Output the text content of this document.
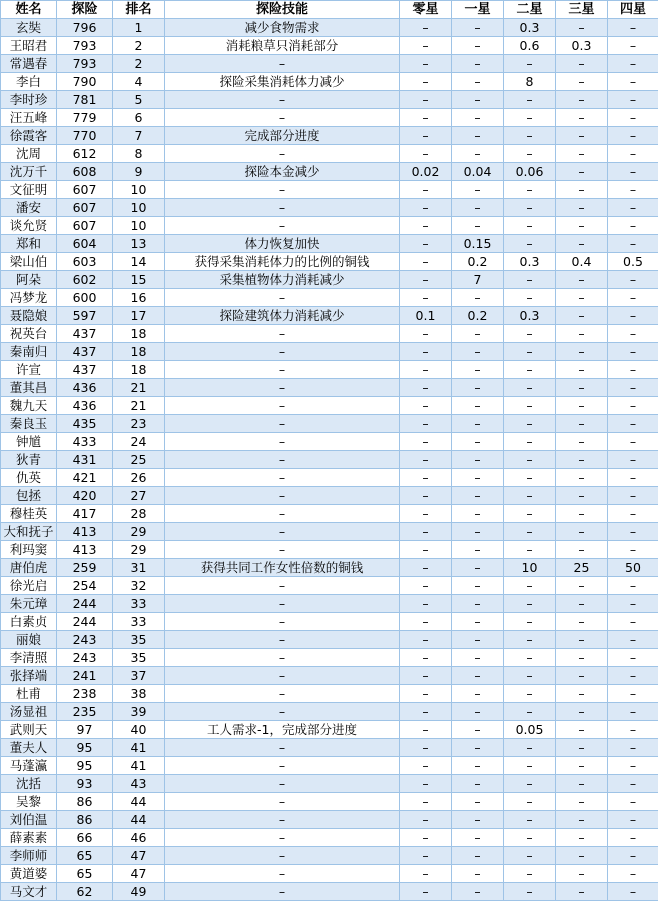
姓名	探险	排名	探险技能	零星	一星	二星	三星	四星
玄奘	796	1	减少食物需求	–	–	0.3	–	–
王昭君	793	2	消耗粮草只消耗部分	–	–	0.6	0.3	–
常遇春	793	2	–	–	–	–	–	–
李白	790	4	探险采集消耗体力减少	–	–	8	–	–
李时珍	781	5	–	–	–	–	–	–
汪五峰	779	6	–	–	–	–	–	–
徐霞客	770	7	完成部分进度	–	–	–	–	–
沈周	612	8	–	–	–	–	–	–
沈万千	608	9	探险本金减少	0.02	0.04	0.06	–	–
文征明	607	10	–	–	–	–	–	–
潘安	607	10	–	–	–	–	–	–
谈允贤	607	10	–	–	–	–	–	–
郑和	604	13	体力恢复加快	–	0.15	–	–	–
梁山伯	603	14	获得采集消耗体力的比例的铜钱	–	0.2	0.3	0.4	0.5
阿朵	602	15	采集植物体力消耗减少	–	7	–	–	–
冯梦龙	600	16	–	–	–	–	–	–
聂隐娘	597	17	探险建筑体力消耗减少	0.1	0.2	0.3	–	–
祝英台	437	18	–	–	–	–	–	–
秦南归	437	18	–	–	–	–	–	–
许宣	437	18	–	–	–	–	–	–
董其昌	436	21	–	–	–	–	–	–
魏九天	436	21	–	–	–	–	–	–
秦良玉	435	23	–	–	–	–	–	–
钟馗	433	24	–	–	–	–	–	–
狄青	431	25	–	–	–	–	–	–
仇英	421	26	–	–	–	–	–	–
包拯	420	27	–	–	–	–	–	–
穆桂英	417	28	–	–	–	–	–	–
大和抚子	413	29	–	–	–	–	–	–
利玛窦	413	29	–	–	–	–	–	–
唐伯虎	259	31	获得共同工作女性倍数的铜钱	–	–	10	25	50
徐光启	254	32	–	–	–	–	–	–
朱元璋	244	33	–	–	–	–	–	–
白素贞	244	33	–	–	–	–	–	–
丽娘	243	35	–	–	–	–	–	–
李清照	243	35	–	–	–	–	–	–
张择端	241	37	–	–	–	–	–	–
杜甫	238	38	–	–	–	–	–	–
汤显祖	235	39	–	–	–	–	–	–
武则天	97	40	工人需求-1，完成部分进度	–	–	0.05	–	–
董夫人	95	41	–	–	–	–	–	–
马蓬瀛	95	41	–	–	–	–	–	–
沈括	93	43	–	–	–	–	–	–
吴黎	86	44	–	–	–	–	–	–
刘伯温	86	44	–	–	–	–	–	–
薛素素	66	46	–	–	–	–	–	–
李师师	65	47	–	–	–	–	–	–
黄道婆	65	47	–	–	–	–	–	–
马文才	62	49	–	–	–	–	–	–
